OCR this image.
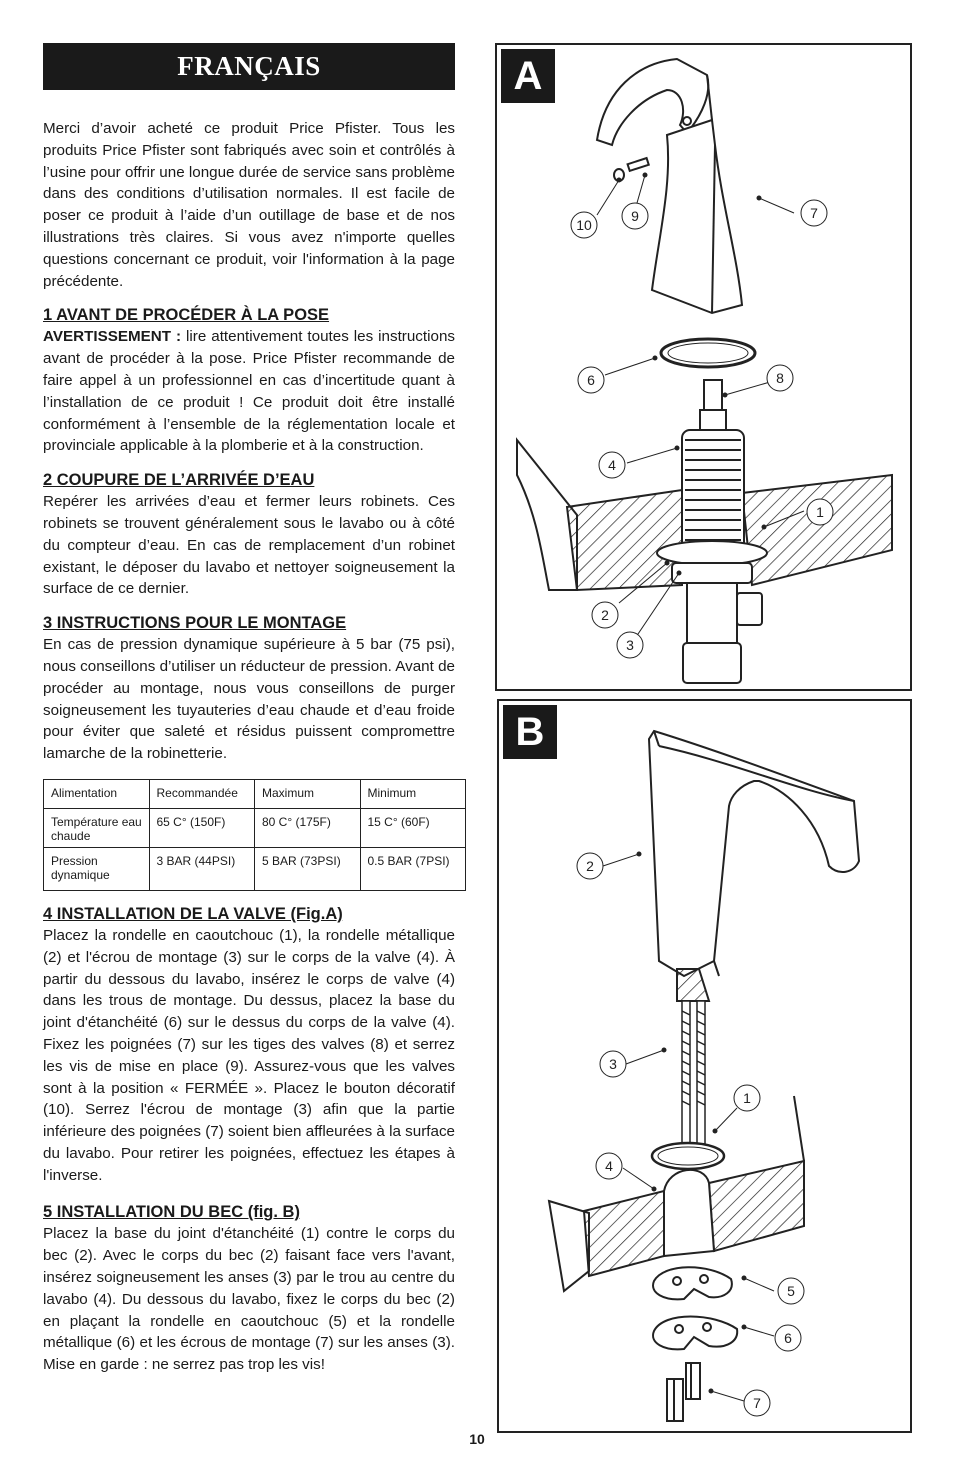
FRANÇAIS

Merci d’avoir acheté ce produit Price Pfister. Tous les produits Price Pfister sont fabriqués avec soin et contrôlés à l’usine pour offrir une longue durée de service sans problème dans des conditions d’utilisation normales. Il est facile de poser ce produit à l’aide d’un outillage de base et de nos illustrations très claires. Si vous avez n'importe quelles questions concernant ce produit, voir l'information à la page précédente.

1 AVANT DE PROCÉDER À LA POSE

AVERTISSEMENT : lire attentivement toutes les instructions avant de procéder à la pose. Price Pfister recommande de faire appel à un professionnel en cas d’incertitude quant à l’installation de ce produit ! Ce produit doit être installé conformément à l’ensemble de la réglementation locale et provinciale applicable à la plomberie et à la construction.

2 COUPURE DE L’ARRIVÉE D’EAU

Repérer les arrivées d’eau et fermer leurs robinets. Ces robinets se trouvent généralement sous le lavabo ou à côté du compteur d’eau. En cas de remplacement d’un robinet existant, le déposer du lavabo et nettoyer soigneusement la surface de ce dernier.

3 INSTRUCTIONS POUR LE MONTAGE

En cas de pression dynamique supérieure à 5 bar (75 psi), nous conseillons d’utiliser un réducteur de pression. Avant de procéder au montage, nous vous conseillons de purger soigneusement les tuyauteries d’eau chaude et d’eau froide pour éviter que saleté et résidus puissent compromettre lamarche de la robinetterie.

Alimentation	Recommandée	Maximum	Minimum
Température eau chaude	65 C° (150F)	80 C° (175F)	15 C° (60F)
Pression dynamique	3 BAR (44PSI)	5 BAR (73PSI)	0.5 BAR (7PSI)
4 INSTALLATION DE LA VALVE (Fig.A)

Placez la rondelle en caoutchouc (1), la rondelle métallique (2) et l'écrou de montage (3) sur le corps de la valve (4). À partir du dessous du lavabo, insérez le corps de valve (4) dans les trous de montage. Du dessus, placez la base du joint d'étanchéité (6) sur le dessus du corps de la valve (4). Fixez les poignées (7) sur les tiges des valves (8) et serrez les vis de mise en place (9). Assurez-vous que les valves sont à la position « FERMÉE ». Placez le bouton décoratif (10). Serrez l'écrou de montage (3) afin que la partie inférieure des poignées (7) soient bien affleurées à la surface du lavabo. Pour retirer les poignées, effectuez les étapes à l'inverse.

5 INSTALLATION DU BEC (fig. B)

Placez la base du joint d'étanchéité (1) contre le corps du bec (2). Avec le corps du bec (2) faisant face vers l'avant, insérez soigneusement les anses (3) par le trou au centre du lavabo (4). Du dessous du lavabo, fixez le corps du bec (2) en plaçant la rondelle en caoutchouc (5) et la rondelle métallique (6) et les écrous de montage (7) sur les anses (3). Mise en garde : ne serrez pas trop les vis!

A
10
9	7
6	8
4
1
2
3
B
2
3
1
4
5
6
7
10
